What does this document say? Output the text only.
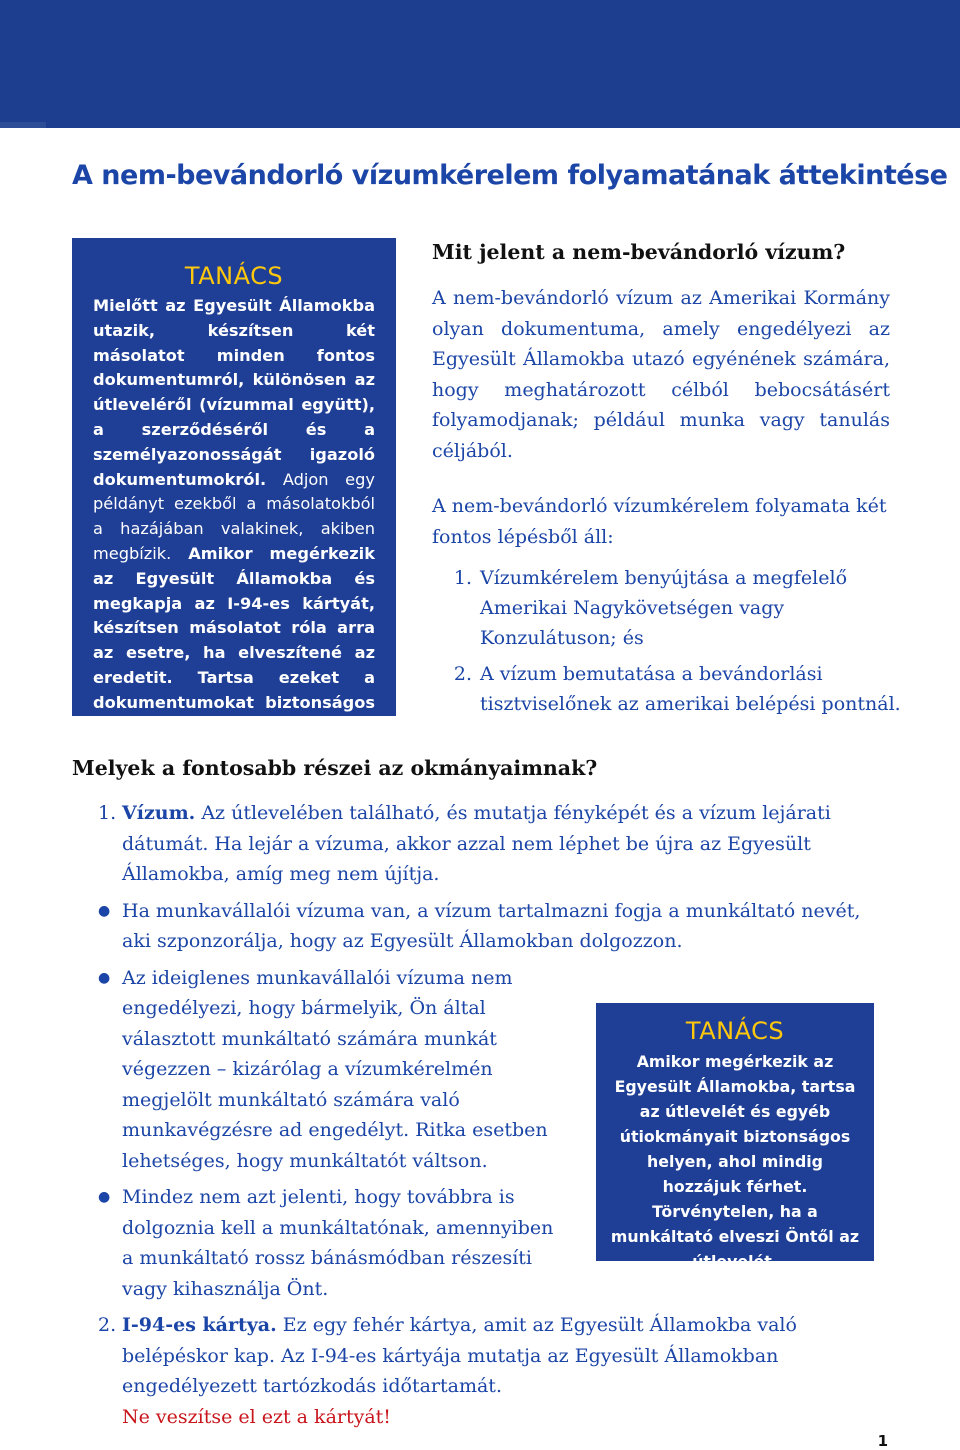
A nem-bevándorló vízumkérelem folyamatának áttekintése
TANÁCS
Mielőtt az Egyesült Államokba utazik, készítsen két másolatot minden fontos dokumentumról, különösen az útleveléről (vízummal együtt), a szerződéséről és a személyazonosságát igazoló dokumentumokról. Adjon egy példányt ezekből a másolatokból a hazájában valakinek, akiben megbízik. Amikor megérkezik az Egyesült Államokba és megkapja az I-94-es kártyát, készítsen másolatot róla arra az esetre, ha elveszítené az eredetit. Tartsa ezeket a dokumentumokat biztonságos helyen.
Mit jelent a nem-bevándorló vízum?
A nem-bevándorló vízum az Amerikai Kormány olyan dokumentuma, amely engedélyezi az Egyesült Államokba utazó egyénének számára, hogy meghatározott célból bebocsátásért folyamodjanak; például munka vagy tanulás céljából.
A nem-bevándorló vízumkérelem folyamata két fontos lépésből áll:
1. Vízumkérelem benyújtása a megfelelő Amerikai Nagykövetségen vagy Konzulátuson; és
2. A vízum bemutatása a bevándorlási tisztviselőnek az amerikai belépési pontnál.
Melyek a fontosabb részei az okmányaimnak?
1. Vízum. Az útlevelében található, és mutatja fényképét és a vízum lejárati dátumát. Ha lejár a vízuma, akkor azzal nem léphet be újra az Egyesült Államokba, amíg meg nem újítja.
● Ha munkavállalói vízuma van, a vízum tartalmazni fogja a munkáltató nevét, aki szponzorálja, hogy az Egyesült Államokban dolgozzon.
● Az ideiglenes munkavállalói vízuma nem engedélyezi, hogy bármelyik, Ön által választott munkáltató számára munkát végezzen – kizárólag a vízumkérelmén megjelölt munkáltató számára való munkavégzésre ad engedélyt. Ritka esetben lehetséges, hogy munkáltatót váltson.
● Mindez nem azt jelenti, hogy továbbra is dolgoznia kell a munkáltatónak, amennyiben a munkáltató rossz bánásmódban részesíti vagy kihasználja Önt.
2. I-94-es kártya. Ez egy fehér kártya, amit az Egyesült Államokba való belépéskor kap. Az I-94-es kártyája mutatja az Egyesült Államokban engedélyezett tartózkodás időtartamát.
Ne veszítse el ezt a kártyát!
TANÁCS
Amikor megérkezik az Egyesült Államokba, tartsa az útlevelét és egyéb útiokmányait biztonságos helyen, ahol mindig hozzájuk férhet. Törvénytelen, ha a munkáltató elveszi Öntől az útlevelét.
1
